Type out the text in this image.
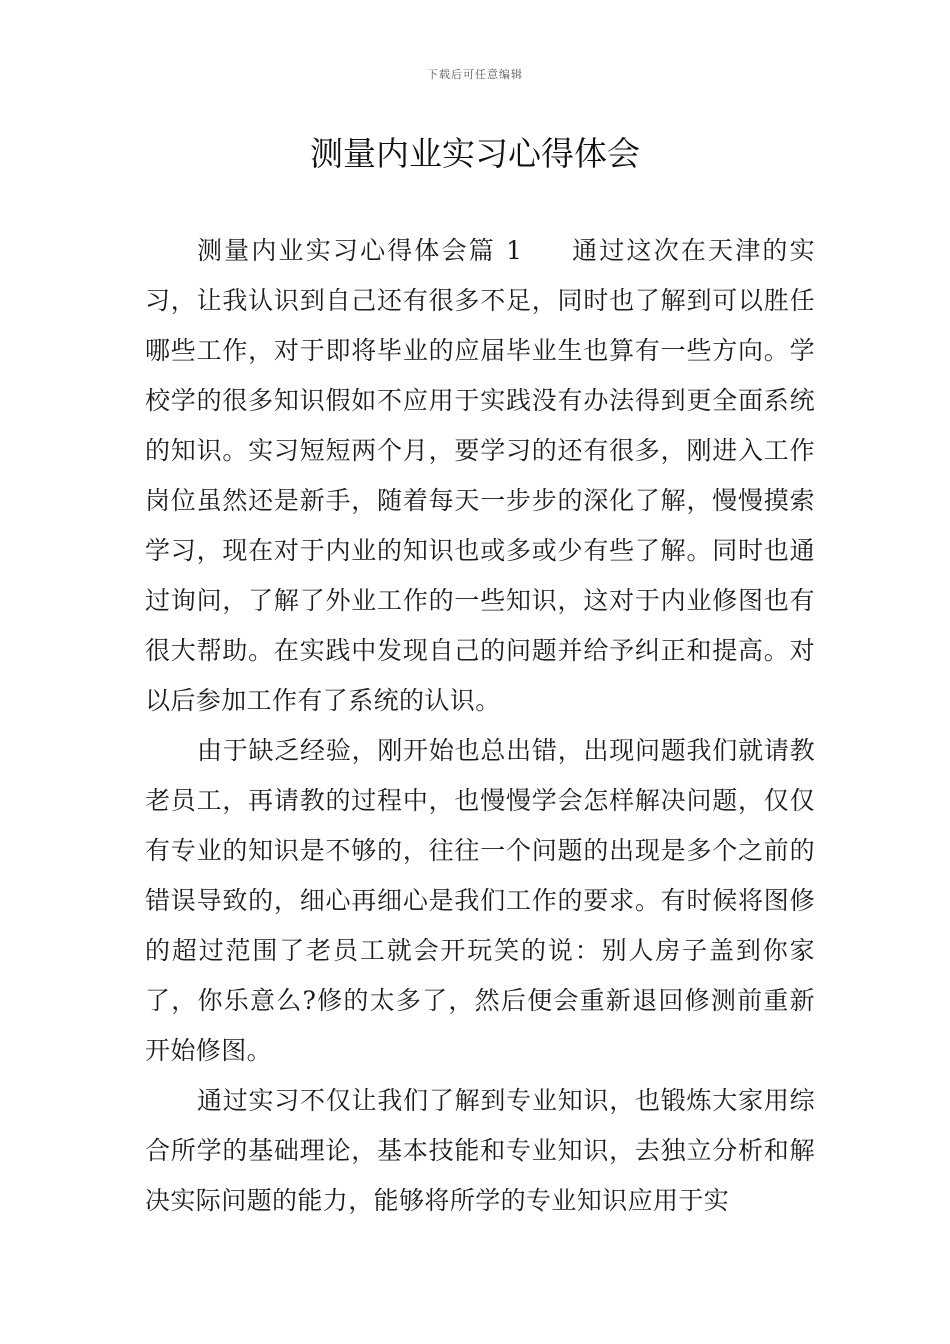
下载后可任意编辑
测量内业实习心得体会

测量内业实习心得体会篇 1 通过这次在天津的实习，让我认识到自己还有很多不足，同时也了解到可以胜任哪些工作，对于即将毕业的应届毕业生也算有一些方向。学校学的很多知识假如不应用于实践没有办法得到更全面系统的知识。实习短短两个月，要学习的还有很多，刚进入工作岗位虽然还是新手，随着每天一步步的深化了解，慢慢摸索学习，现在对于内业的知识也或多或少有些了解。同时也通过询问，了解了外业工作的一些知识，这对于内业修图也有很大帮助。在实践中发现自己的问题并给予纠正和提高。对以后参加工作有了系统的认识。

由于缺乏经验，刚开始也总出错，出现问题我们就请教老员工，再请教的过程中，也慢慢学会怎样解决问题，仅仅有专业的知识是不够的，往往一个问题的出现是多个之前的错误导致的，细心再细心是我们工作的要求。有时候将图修的超过范围了老员工就会开玩笑的说：别人房子盖到你家了，你乐意么?修的太多了，然后便会重新退回修测前重新开始修图。

通过实习不仅让我们了解到专业知识，也锻炼大家用综合所学的基础理论，基本技能和专业知识，去独立分析和解决实际问题的能力，能够将所学的专业知识应用于实
